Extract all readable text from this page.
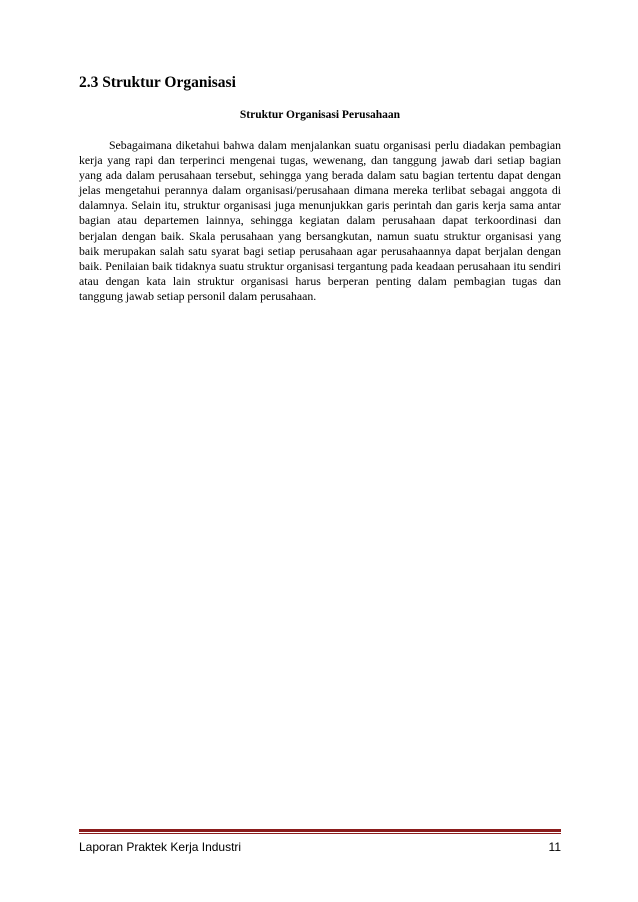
2.3 Struktur Organisasi
Struktur Organisasi Perusahaan

Sebagaimana diketahui bahwa dalam menjalankan suatu organisasi perlu diadakan pembagian kerja yang rapi dan terperinci mengenai tugas, wewenang, dan tanggung jawab dari setiap bagian yang ada dalam perusahaan tersebut, sehingga yang berada dalam satu bagian tertentu dapat dengan jelas mengetahui perannya dalam organisasi/perusahaan dimana mereka terlibat sebagai anggota di dalamnya. Selain itu, struktur organisasi juga menunjukkan garis perintah dan garis kerja sama antar bagian atau departemen lainnya, sehingga kegiatan dalam perusahaan dapat terkoordinasi dan berjalan dengan baik. Skala perusahaan yang bersangkutan, namun suatu struktur organisasi yang baik merupakan salah satu syarat bagi setiap perusahaan agar perusahaannya dapat berjalan dengan baik. Penilaian baik tidaknya suatu struktur organisasi tergantung pada keadaan perusahaan itu sendiri atau dengan kata lain struktur organisasi harus berperan penting dalam pembagian tugas dan tanggung jawab setiap personil dalam perusahaan.

Laporan Praktek Kerja Industri	11
